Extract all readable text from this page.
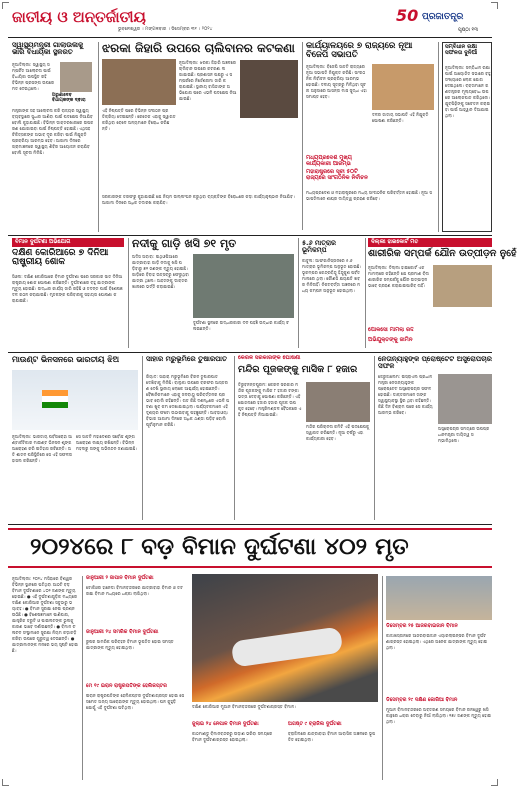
ଜାତୀୟ ଓ ଅନ୍ତର୍ଜାତୀୟ
ଭୁବନେଶ୍ୱର । ମଙ୍ଗଳବାର । ଡିସେମ୍ବର ୩୧ । ୨୦୨୪
50 ପ୍ରଜାତନ୍ତ୍ର
ପୃଷ୍ଠା ୧୩
ସ୍ୱାସ୍ଥ୍ୟମନ୍ତ୍ରୀ ଗାଲାଉଳାକୁ ଭାରି ବିଧାୟିକା ସ୍ଥଳରତ
ଅରୁଣାଦେବ ବିଧାୟକଙ୍କ ଦ୍ଵାରା
ନୂଆଦିଲ୍ଲୀ: ସ୍ୱାସ୍ଥ୍ୟ ସମ୍ପର୍କିତ ଆଲୋଚନା ପାଇଁ ବିଧାୟିକା ଉପସ୍ଥିତ ରହି ବିଭିନ୍ନ ପ୍ରସଙ୍ଗ ଉପରେ ମତ ଦେଇଥିଲେ।
ମନ୍ତ୍ରୀଙ୍କ ସହ ଆଲୋଚନା କରି ରାଜ୍ୟର ସ୍ୱାସ୍ଥ୍ୟ ବ୍ୟବସ୍ଥାରେ ସୁଧାର ଆଣିବା ପାଇଁ ପଦକ୍ଷେପ ନିଆଯିବ ବୋଲି କୁହାଯାଇଛି। ବିଭିନ୍ନ ଡାକ୍ତରଖାନାରେ ଉପକରଣ ଯୋଗାଇବା ପାଇଁ ନିଷ୍ପତ୍ତି ହୋଇଛି। ଏଥିସହ ଚିକିତ୍ସକଙ୍କ ଅଭାବ ଦୂର କରିବା ପାଇଁ ନିଯୁକ୍ତି ପ୍ରକ୍ରିୟା ଆରମ୍ଭ ହେବ। ଆଗାମୀ ଦିନରେ ଗ୍ରାମାଞ୍ଚଳରେ ସ୍ୱାସ୍ଥ୍ୟ ଶିବିର ଆୟୋଜନ କରାଯିବ ବୋଲି ସୂଚନା ମିଳିଛି।
ଝରକା ଜିହାରି ଉପରେ ଚାଲିବାନର କଟକଣା
ନୂଆଦିଲ୍ଲୀ: ଝରକା ଜିହାରି ଅଞ୍ଚଳରେ ଚାଲିବାନ ଉପରେ କଟକଣା ଲଗାଯାଇଛି। ପ୍ରଶାସନ ପକ୍ଷରୁ ଏ ସମ୍ପର୍କରେ ନିର୍ଦ୍ଦେଶନାମା ଜାରି କରାଯାଇଛି। ସ୍ଥାନୀୟ ବାସିନ୍ଦାଙ୍କ ଅଭିଯୋଗ ପରେ ଏଭଳି ପଦକ୍ଷେପ ନିଆଯାଇଛି।
ଏହି ନିଷ୍ପତ୍ତି ପରେ ବିଭିନ୍ନ ସଂଗଠନ ପ୍ରତିକ୍ରିୟା ଦେଇଛନ୍ତି। କେତେକ ଏହାକୁ ସ୍ୱାଗତ କରିଥିବା ବେଳେ ଅନ୍ୟମାନେ ବିରୋଧ କରିଛନ୍ତି।
ସରକାରଙ୍କ ତରଫରୁ କୁହାଯାଇଛି ଯେ ନିୟମ ଉଲ୍ଲଂଘନ କରୁଥିବା ବ୍ୟକ୍ତିଙ୍କ ବିରୋଧରେ କଡ଼ା କାର୍ଯ୍ୟାନୁଷ୍ଠାନ ନିଆଯିବ। ଆଗାମୀ ଦିନରେ ଅଧିକ ତଦାରଖ କରାଯିବ।
କାର୍ଯ୍ୟାଳୟରେ ୭ ରାଜ୍ୟରେ ନୂଆ ବିଜେପି ସଭାପତି
ନୂଆଦିଲ୍ଲୀ: ବିଜେପି ସାତଟି ରାଜ୍ୟରେ ନୂଆ ସଭାପତି ନିଯୁକ୍ତ କରିଛି। ସାଂଗଠନିକ ନିର୍ବାଚନ ପ୍ରକ୍ରିୟା ଆରମ୍ଭ ହୋଇଛି। ଦଳୀୟ ସୂତ୍ରରୁ ମିଳିଥିବା ସୂଚନା ଅନୁସାରେ ଆସନ୍ତା ମାସ ସୁଦ୍ଧା ଏହା ସମାପ୍ତ ହେବ।
ଦଳର ଜାତୀୟ ସଭାପତି ଏହି ନିଯୁକ୍ତି ଘୋଷଣା କରିଛନ୍ତି।
ମଧ୍ୟପ୍ରଦେଶ ମୁଖ୍ୟ କାର୍ଯ୍ୟକାରୀ ଆରମ୍ଭ
ମହାରାଷ୍ଟ୍ରରେ ସୂଚୀ ୫୦ଟି ରାଜ୍ୟରେ ସାଂଗଠନିକ ନିର୍ବାଚନ
ମଧ୍ୟପ୍ରଦେଶ ଓ ମହାରାଷ୍ଟ୍ରରେ ମଧ୍ୟ ସାଂଗଠନିକ ପରିବର୍ତ୍ତନ ହୋଇଛି। ନୂଆ ସଭାପତିମାନେ ଶୀଘ୍ର ଦାୟିତ୍ୱ ଗ୍ରହଣ କରିବେ।
ସମ୍ବିଧାନ ରକ୍ଷା ସଫଳତା ଦୁନିଆଁ
ନୂଆଦିଲ୍ଲୀ: ସମ୍ବିଧାନ ରକ୍ଷା ପାଇଁ ଆୟୋଜିତ ସଭାରେ ବହୁ ସଂଖ୍ୟାରେ ଲୋକ ଯୋଗ ଦେଇଥିଲେ। ବକ୍ତାମାନେ ଗଣତନ୍ତ୍ରର ମୂଲ୍ୟବୋଧ ଉପରେ ଆଲୋକପାତ କରିଥିଲେ। ଯୁବପିଢ଼ିଙ୍କୁ ସଚେତନ କରାଇବା ପାଇଁ ଆହ୍ୱାନ ଦିଆଯାଇଥିଲା।
ବିମାନ ଦୁର୍ଘଟଣା ଅଭିଯୋଗ
ଦକ୍ଷିଣ କୋରିଆରେ ୭ ଦିନିଆ ରାଷ୍ଟ୍ରୀୟ ଶୋକ
ସିଓଲ: ଦକ୍ଷିଣ କୋରିଆରେ ବିମାନ ଦୁର୍ଘଟଣା ପରେ ସରକାର ସାତ ଦିନିଆ ରାଷ୍ଟ୍ରୀୟ ଶୋକ ଘୋଷଣା କରିଛନ୍ତି। ଦୁର୍ଘଟଣାରେ ବହୁ ଯାତ୍ରୀଙ୍କ ମୃତ୍ୟୁ ହୋଇଛି। ଉଦ୍ଧାର କାର୍ଯ୍ୟ ଜାରି ରହିଛି ଓ ତଦନ୍ତ ପାଇଁ ବିଶେଷଜ୍ଞ ଦଳ ଗଠନ କରାଯାଇଛି। ମୃତକଙ୍କ ପରିବାରକୁ ସହାୟତା ଘୋଷଣା କରାଯାଇଛି।
ନଦୀକୁ ଗାଡ଼ି ଖସି ୭୧ ମୃତ
ଅଦିସ ଅବାବା: ଇଥିଓପିଆରେ ଯାତ୍ରୀବାହୀ ଗାଡ଼ି ନଦୀକୁ ଖସି ପଡ଼ିବାରୁ ୭୧ ଜଣଙ୍କ ମୃତ୍ୟୁ ହୋଇଛି। ଗାଡ଼ିରେ ବିବାହ ଉତ୍ସବରୁ ଫେରୁଥିବା ଯାତ୍ରୀ ଥିଲେ। ଆହତଙ୍କୁ ଡାକ୍ତରଖାନାରେ ଭର୍ତ୍ତି କରାଯାଇଛି।
ଦୁର୍ଘଟଣା ସ୍ଥଳରେ ଉଦ୍ଧାରକାରୀ ଦଳ ପହଞ୍ଚି ଉଦ୍ଧାର କାର୍ଯ୍ୟ ଚଳାଇଛନ୍ତି।
୫.୬ ମାତ୍ରାର ଭୂମିକମ୍ପ
କାବୁଲ: ଆଫଗାନିସ୍ତାନରେ ୫.୬ ମାତ୍ରାର ଭୂମିକମ୍ପ ଅନୁଭୂତ ହୋଇଛି। ଭୂକମ୍ପର କେନ୍ଦ୍ରବିନ୍ଦୁ ହିନ୍ଦୁକୁଶ ପର୍ବତମାଳାରେ ଥିଲା। କୌଣସି କ୍ଷୟକ୍ଷତି ଖବର ମିଳିନାହିଁ। ନିକଟବର୍ତ୍ତୀ ଅଞ୍ଚଳରେ ମଧ୍ୟ କମ୍ପନ ଅନୁଭୂତ ହୋଇଥିଲା।
ଦିଲ୍ଲୀ ହାଇକୋର୍ଟ ମତ
ଶାରୀରିକ ସମ୍ପର୍କ ଯୌନ ଉତ୍ପୀଡ଼ନ ନୁହେଁ
ନୂଆଦିଲ୍ଲୀ: ଦିଲ୍ଲୀ ହାଇକୋର୍ଟ ଏକ ମାମଲାରେ କହିଛନ୍ତି ଯେ ପ୍ରମାଣ ବିନା ଶାରୀରିକ ସମ୍ପର୍କକୁ ଯୌନ ଉତ୍ପୀଡ଼ନ ଭାବେ ଗ୍ରହଣ କରାଯାଇପାରିବ ନାହିଁ।
ପୋକସୋ ମାମଲା ରଦ୍ଦ
ଅଭିଯୁକ୍ତଙ୍କୁ ଜାମିନ
ମାଉଣ୍ଟ ଭିନସନରେ ଭାରତୀୟ ଝିଅ
ନୂଆଦିଲ୍ଲୀ: ଭାରତୀୟ ପର୍ବତାରୋହୀ ଆଣ୍ଟାର୍କଟିକାର ମାଉଣ୍ଟ ଭିନସନ ଶୃଙ୍ଗ ଆରୋହଣ କରି ଇତିହାସ ରଚିଛନ୍ତି। ଅତି ଶୀତଳ ପରିସ୍ଥିତିରେ ସେ ଏହି ସଫଳତା ହାସଲ କରିଛନ୍ତି।
ସେ ସାତଟି ମହାଦେଶର ସର୍ବୋଚ୍ଚ ଶୃଙ୍ଗ ଆରୋହଣ ଲକ୍ଷ୍ୟ ରଖିଛନ୍ତି। ବିଭିନ୍ନ ମହଲରୁ ତାଙ୍କୁ ଅଭିନନ୍ଦନ ଜଣାଯାଇଛି।
ସାହାର ମରୁଭୂମିରେ ତୁଷାରପାତ
ରିୟାଦ: ସାହାରା ମରୁଭୂମିରେ ବିରଳ ତୁଷାରପାତ ଦେଖିବାକୁ ମିଳିଛି। ବାଲୁକା ଉପରେ ବରଫର ଆସ୍ତରଣ ଦେଖି ସ୍ଥାନୀୟ ଲୋକେ ଆଶ୍ଚର୍ଯ୍ୟ ହୋଇଛନ୍ତି। ବୈଜ୍ଞାନିକମାନେ ଏହାକୁ ଜଳବାୟୁ ପରିବର୍ତ୍ତନର ପ୍ରଭାବ ବୋଲି କହିଛନ୍ତି। ଗତ କିଛି ଦଶନ୍ଧିରେ ଏଭଳି ଘଟଣା ଖୁବ କମ ଦେଖାଯାଇଥିଲା। ପର୍ଯ୍ୟଟକମାନେ ଏହି ଦୃଶ୍ୟର ଫଟୋ ଉଠାଇବାକୁ ପହଞ୍ଚୁଛନ୍ତି। ଆବହାଓୟା ବିଭାଗ ଆଗାମୀ ଦିନରେ ଅଧିକ ଥଣ୍ଡା ପଡ଼ିବ ବୋଲି ପୂର୍ବାନୁମାନ କରିଛି।
କେରଳ ସରକାରଙ୍କ ଘୋଷଣା
ମନ୍ଦିର ପୂଜକଙ୍କୁ ମାସିକ ୮ ହଜାର
ତିରୁବନନ୍ତପୁରମ: କେରଳ ସରକାର ମନ୍ଦିର ପୂଜକଙ୍କୁ ମାସିକ ୮ ହଜାର ଟଙ୍କା ଭତ୍ତା ଦେବାକୁ ଘୋଷଣା କରିଛନ୍ତି। ଏହି ଯୋଜନାରେ ହଜାର ହଜାର ପୂଜକ ଉପକୃତ ହେବେ। ମନ୍ତ୍ରିମଣ୍ଡଳ ବୈଠକରେ ଏହି ନିଷ୍ପତ୍ତି ନିଆଯାଇଛି।
ମନ୍ଦିର ପରିଚାଳନା କମିଟି ଏହି ପଦକ୍ଷେପକୁ ସ୍ୱାଗତ କରିଛନ୍ତି। ନୂଆ ବର୍ଷରୁ ଏହା କାର୍ଯ୍ୟକାରୀ ହେବ।
ନେତାନ୍ୟାହୁଙ୍କ ପ୍ରୋଷ୍ଟେଟ ଅସ୍ତ୍ରୋପଚାର ସଫଳ
ଜେରୁଜାଲେମ: ଇସ୍ରାଏଲ ପ୍ରଧାନମନ୍ତ୍ରୀ ନେତାନ୍ୟାହୁଙ୍କ ପ୍ରୋଷ୍ଟେଟ ଅସ୍ତ୍ରୋପଚାର ସଫଳ ହୋଇଛି। ଡାକ୍ତରମାନେ ତାଙ୍କ ସ୍ୱାସ୍ଥ୍ୟାବସ୍ଥା ସ୍ଥିର ଥିବା କହିଛନ୍ତି। କିଛି ଦିନ ବିଶ୍ରାମ ପରେ ସେ କାର୍ଯ୍ୟ ଆରମ୍ଭ କରିବେ।
ଅସ୍ତ୍ରୋପଚାର ସମୟରେ ଉପପ୍ରଧାନମନ୍ତ୍ରୀ ଦାୟିତ୍ୱ ସମ୍ଭାଳିଥିଲେ।
୨୦୨୪ରେ ୮ ବଡ଼ ବିମାନ ଦୁର୍ଘଟଣା ୪୦୨ ମୃତ
ନୂଆଦିଲ୍ଲୀ: ୨୦୨୪ ମସିହାରେ ବିଶ୍ୱର ବିଭିନ୍ନ ସ୍ଥାନରେ ଘଟିଥିବା ଆଠଟି ବଡ଼ ବିମାନ ଦୁର୍ଘଟଣାରେ ୪୦୨ ଜଣଙ୍କ ମୃତ୍ୟୁ ହୋଇଛି। ● ଏହି ଦୁର୍ଘଟଣାଗୁଡ଼ିକ ମଧ୍ୟରେ ଦକ୍ଷିଣ କୋରିଆର ଦୁର୍ଘଟଣା ସବୁଠାରୁ ଭୟାବହ। ● ବିମାନ ସୁରକ୍ଷା ନେଇ ପ୍ରଶ୍ନ ଉଠିଛି। ● ବିଶେଷଜ୍ଞମାନେ ପାଣିପାଗ, ଯାନ୍ତ୍ରିକ ତ୍ରୁଟି ଓ ପାଇଲଟଙ୍କ ଭୁଲକୁ କାରଣ ଭାବେ ଦର୍ଶାଇଛନ୍ତି। ● ବିମାନ ଚଳାଚଳ ସଂସ୍ଥାମାନେ ସୁରକ୍ଷା ନିୟମ କଡ଼ାକଡ଼ି କରିବା ଉପରେ ଗୁରୁତ୍ୱ ଦେଉଛନ୍ତି। ● ଯାତ୍ରୀମାନଙ୍କ ମନରେ ଭୟ ସୃଷ୍ଟି ହୋଇଛି।
ଜାନୁଆରୀ ୨ ଜାପାନ ବିମାନ ଦୁର୍ଘଟଣା
ଟୋକିଓର ହାନେଡା ବିମାନବନ୍ଦରରେ ଯାତ୍ରୀବାହୀ ବିମାନ ଓ ତଟରକ୍ଷୀ ବିମାନ ମଧ୍ୟରେ ଧକ୍କା ଲାଗିଥିଲା।
ଜାନୁଆରୀ ୨୪ ସମରିକ ବିମାନ ଦୁର୍ଘଟଣା
ରୁଷର ସାମରିକ ପରିବହନ ବିମାନ ଭୂପତିତ ହୋଇ ସମସ୍ତ ଯାତ୍ରୀଙ୍କ ମୃତ୍ୟୁ ହୋଇଥିଲା।
ମେ ୧୯ ଇରାନ ରାଷ୍ଟ୍ରପତିଙ୍କ ହେଲିକପ୍ଟର
ଇରାନ ରାଷ୍ଟ୍ରପତିଙ୍କ ହେଲିକପ୍ଟର ଦୁର୍ଘଟଣାଗ୍ରସ୍ତ ହୋଇ ସେ ସମେତ ଅନ୍ୟ ଆରୋହୀଙ୍କ ମୃତ୍ୟୁ ହୋଇଥିଲା। ଘନ କୁହୁଡ଼ି ଯୋଗୁଁ ଏହି ଦୁର୍ଘଟଣା ଘଟିଥିଲା।	ଦକ୍ଷିଣ କୋରିଆର ମୁଆନ ବିମାନବନ୍ଦରରେ ଦୁର୍ଘଟଣାଗ୍ରସ୍ତ ବିମାନ।
ଜୁଲାଇ ୨୪ ନେପାଳ ବିମାନ ଦୁର୍ଘଟଣା
କାଠମାଣ୍ଡୁ ବିମାନବନ୍ଦରରୁ ଉଡ଼ାଣ ଭରିବା ସମୟରେ ବିମାନ ଦୁର୍ଘଟଣାଗ୍ରସ୍ତ ହୋଇଥିଲା।
ଅଗଷ୍ଟ ୯ ବ୍ରାଜିଲ ଦୁର୍ଘଟଣା
ବ୍ରାଜିଲରେ ଯାତ୍ରୀବାହୀ ବିମାନ ଆବାସିକ ଅଞ୍ଚଳରେ ଭୂପତିତ ହୋଇଥିଲା।
ଡିସେମ୍ବର ୨୫ ଆଜରବାଇଜାନ ବିମାନ
କାଜାଖସ୍ତାନରେ ଆଜରବାଇଜାନ ଏୟାରଲାଇନ୍ସର ବିମାନ ଦୁର୍ଘଟଣାଗ୍ରସ୍ତ ହୋଇଥିଲା। ଏଥିରେ ଅନେକ ଯାତ୍ରୀଙ୍କ ମୃତ୍ୟୁ ହୋଇଥିଲା।
ଡିସେମ୍ବର ୨୯ ଦକ୍ଷିଣ କୋରିଆ ବିମାନ
ମୁଆନ ବିମାନବନ୍ଦରରେ ଅବତରଣ ସମୟରେ ବିମାନ ରନୱେରୁ ଖସି କାନ୍ଥରେ ଧକ୍କା ଦେବାରୁ ନିଆଁ ଲାଗିଥିଲା। ୧୭୯ ଜଣଙ୍କ ମୃତ୍ୟୁ ହୋଇଥିଲା।
